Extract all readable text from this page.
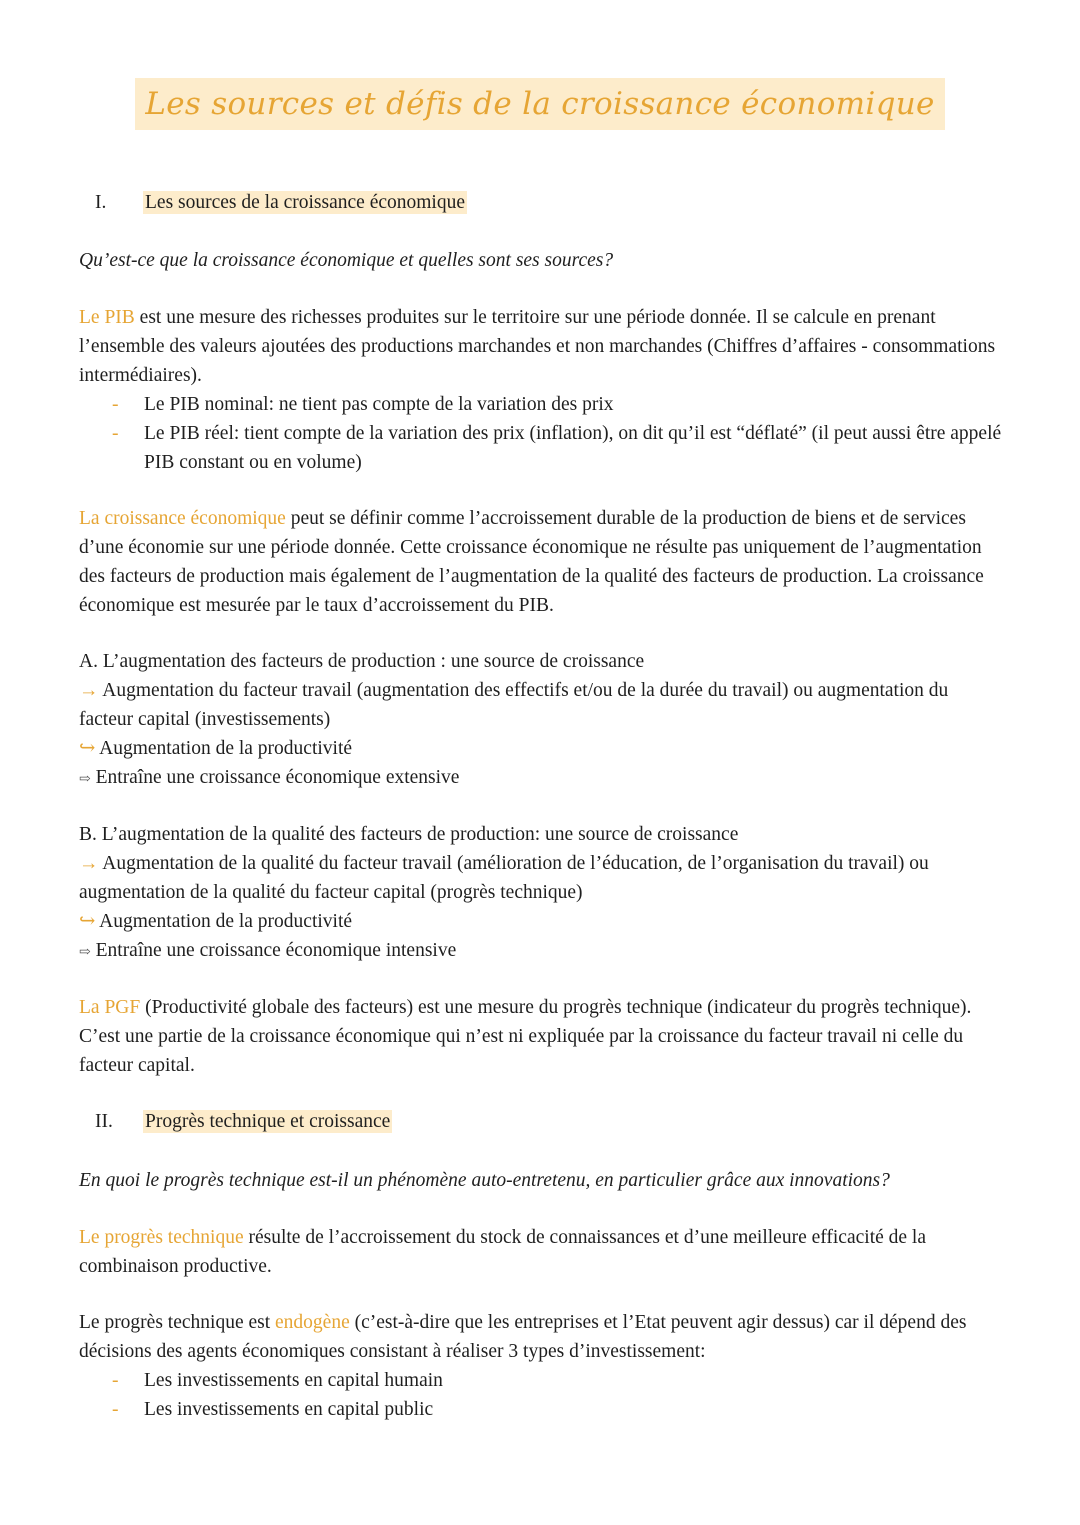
Les sources et défis de la croissance économique
I. Les sources de la croissance économique
Qu’est-ce que la croissance économique et quelles sont ses sources?
Le PIB est une mesure des richesses produites sur le territoire sur une période donnée. Il se calcule en prenant l’ensemble des valeurs ajoutées des productions marchandes et non marchandes (Chiffres d’affaires - consommations intermédiaires).
- Le PIB nominal: ne tient pas compte de la variation des prix
- Le PIB réel: tient compte de la variation des prix (inflation), on dit qu’il est “déflaté” (il peut aussi être appelé PIB constant ou en volume)
La croissance économique peut se définir comme l’accroissement durable de la production de biens et de services d’une économie sur une période donnée. Cette croissance économique ne résulte pas uniquement de l’augmentation des facteurs de production mais également de l’augmentation de la qualité des facteurs de production. La croissance économique est mesurée par le taux d’accroissement du PIB.
A. L’augmentation des facteurs de production : une source de croissance
→ Augmentation du facteur travail (augmentation des effectifs et/ou de la durée du travail) ou augmentation du facteur capital (investissements)
↪ Augmentation de la productivité
⇨ Entraîne une croissance économique extensive
B. L’augmentation de la qualité des facteurs de production: une source de croissance
→ Augmentation de la qualité du facteur travail (amélioration de l’éducation, de l’organisation du travail) ou augmentation de la qualité du facteur capital (progrès technique)
↪ Augmentation de la productivité
⇨ Entraîne une croissance économique intensive
La PGF (Productivité globale des facteurs) est une mesure du progrès technique (indicateur du progrès technique). C’est une partie de la croissance économique qui n’est ni expliquée par la croissance du facteur travail ni celle du facteur capital.
II. Progrès technique et croissance
En quoi le progrès technique est-il un phénomène auto-entretenu, en particulier grâce aux innovations?
Le progrès technique résulte de l’accroissement du stock de connaissances et d’une meilleure efficacité de la combinaison productive.
Le progrès technique est endogène (c’est-à-dire que les entreprises et l’Etat peuvent agir dessus) car il dépend des décisions des agents économiques consistant à réaliser 3 types d’investissement:
- Les investissements en capital humain
- Les investissements en capital public
